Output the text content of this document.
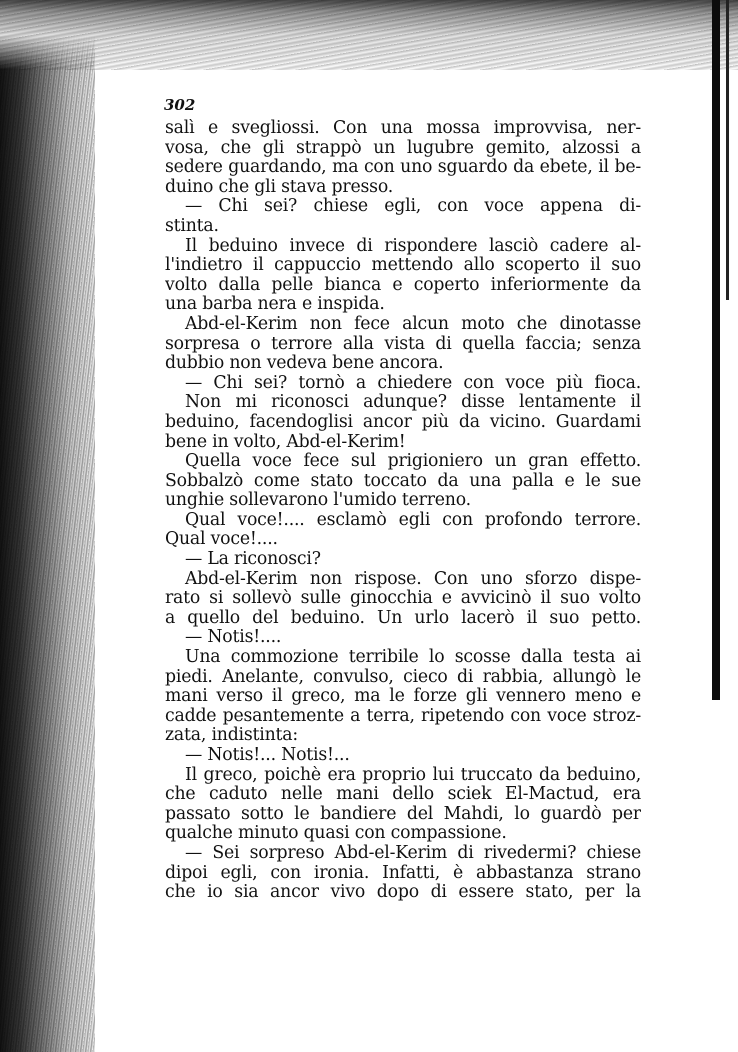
302
salì e svegliossi. Con una mossa improvvisa, ner-
vosa, che gli strappò un lugubre gemito, alzossi a
sedere guardando, ma con uno sguardo da ebete, il be-
duino che gli stava presso.
— Chi sei? chiese egli, con voce appena di-
stinta.
Il beduino invece di rispondere lasciò cadere al-
l'indietro il cappuccio mettendo allo scoperto il suo
volto dalla pelle bianca e coperto inferiormente da
una barba nera e inspida.
Abd-el-Kerim non fece alcun moto che dinotasse
sorpresa o terrore alla vista di quella faccia; senza
dubbio non vedeva bene ancora.
— Chi sei? tornò a chiedere con voce più fioca.
Non mi riconosci adunque? disse lentamente il
beduino, facendoglisi ancor più da vicino. Guardami
bene in volto, Abd-el-Kerim!
Quella voce fece sul prigioniero un gran effetto.
Sobbalzò come stato toccato da una palla e le sue
unghie sollevarono l'umido terreno.
Qual voce!.... esclamò egli con profondo terrore.
Qual voce!....
— La riconosci?
Abd-el-Kerim non rispose. Con uno sforzo dispe-
rato si sollevò sulle ginocchia e avvicinò il suo volto
a quello del beduino. Un urlo lacerò il suo petto.
— Notis!....
Una commozione terribile lo scosse dalla testa ai
piedi. Anelante, convulso, cieco di rabbia, allungò le
mani verso il greco, ma le forze gli vennero meno e
cadde pesantemente a terra, ripetendo con voce stroz-
zata, indistinta:
— Notis!... Notis!...
Il greco, poichè era proprio lui truccato da beduino,
che caduto nelle mani dello sciek El-Mactud, era
passato sotto le bandiere del Mahdi, lo guardò per
qualche minuto quasi con compassione.
— Sei sorpreso Abd-el-Kerim di rivedermi? chiese
dipoi egli, con ironia. Infatti, è abbastanza strano
che io sia ancor vivo dopo di essere stato, per la
